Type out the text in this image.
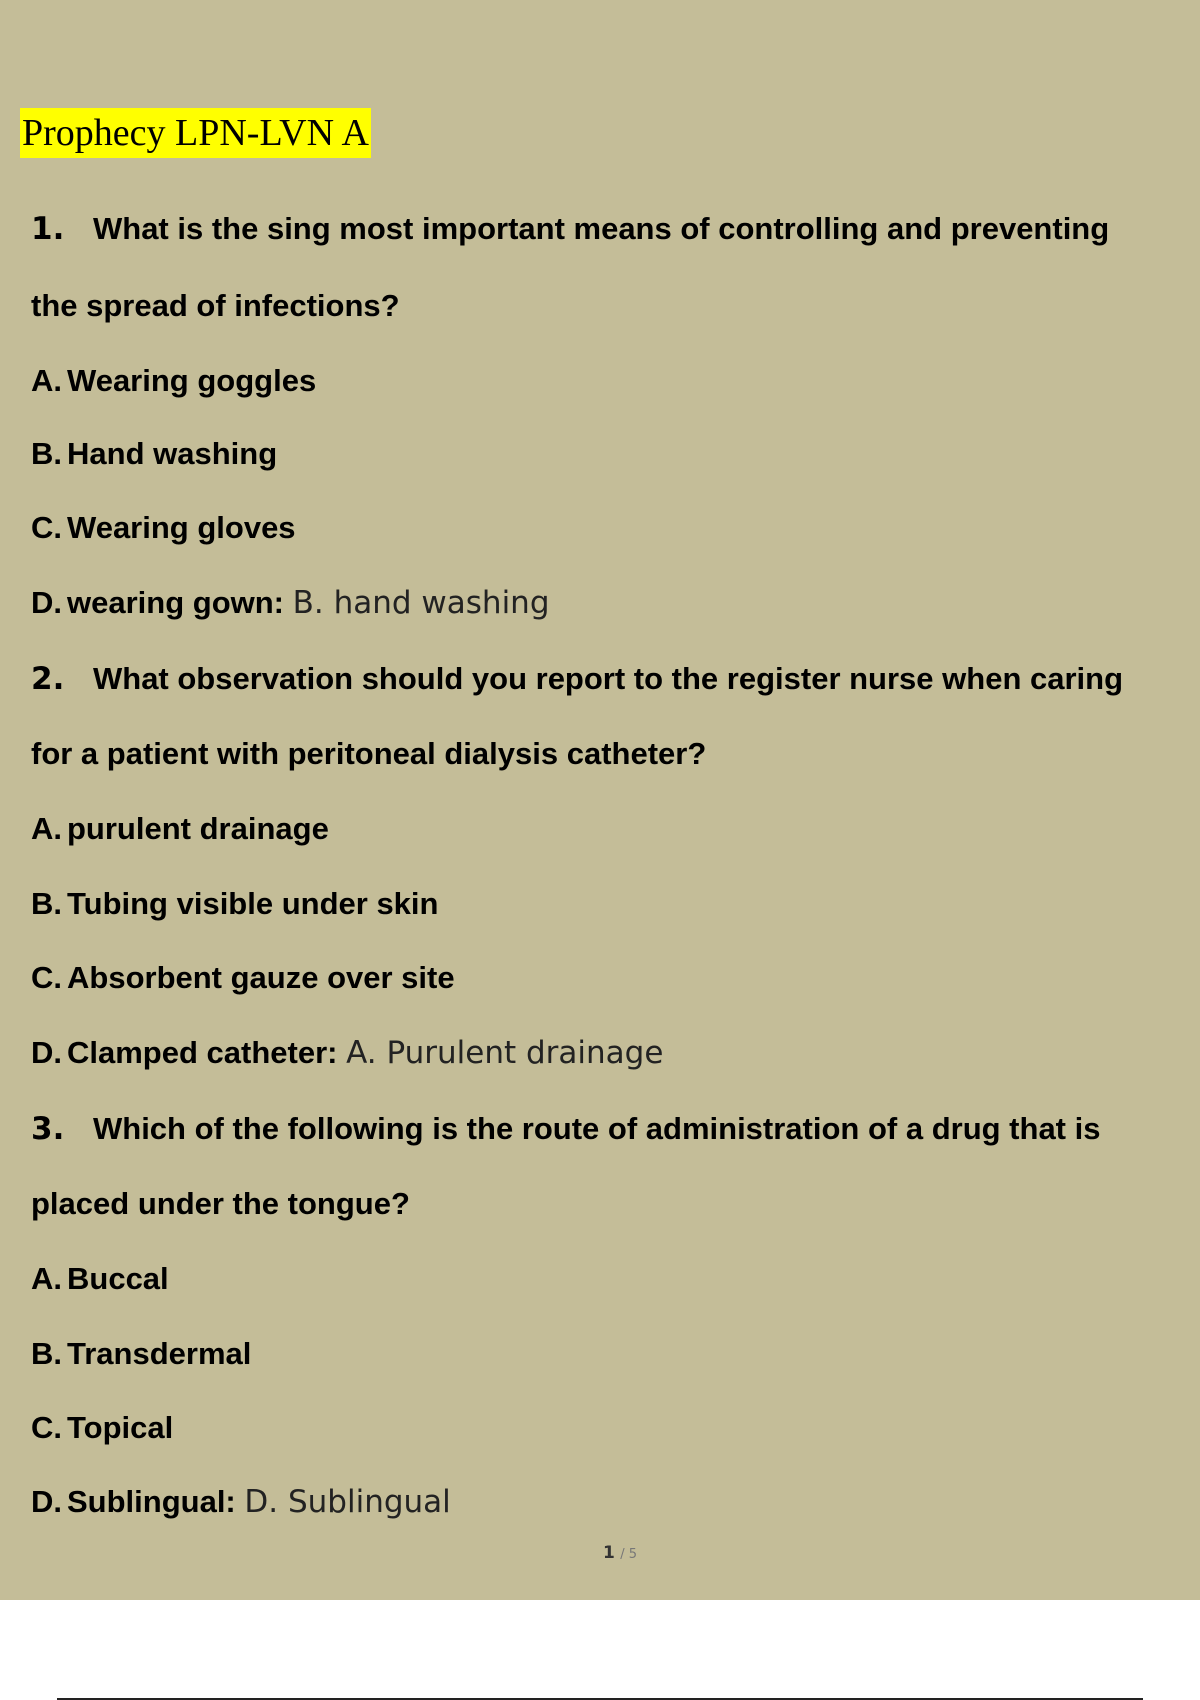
Prophecy LPN-LVN A
1. What is the sing most important means of controlling and preventing
the spread of infections?
A. Wearing goggles
B. Hand washing
C. Wearing gloves
D. wearing gown: B. hand washing
2. What observation should you report to the register nurse when caring
for a patient with peritoneal dialysis catheter?
A. purulent drainage
B. Tubing visible under skin
C. Absorbent gauze over site
D. Clamped catheter: A. Purulent drainage
3. Which of the following is the route of administration of a drug that is
placed under the tongue?
A. Buccal
B. Transdermal
C. Topical
D. Sublingual: D. Sublingual
1 / 5
